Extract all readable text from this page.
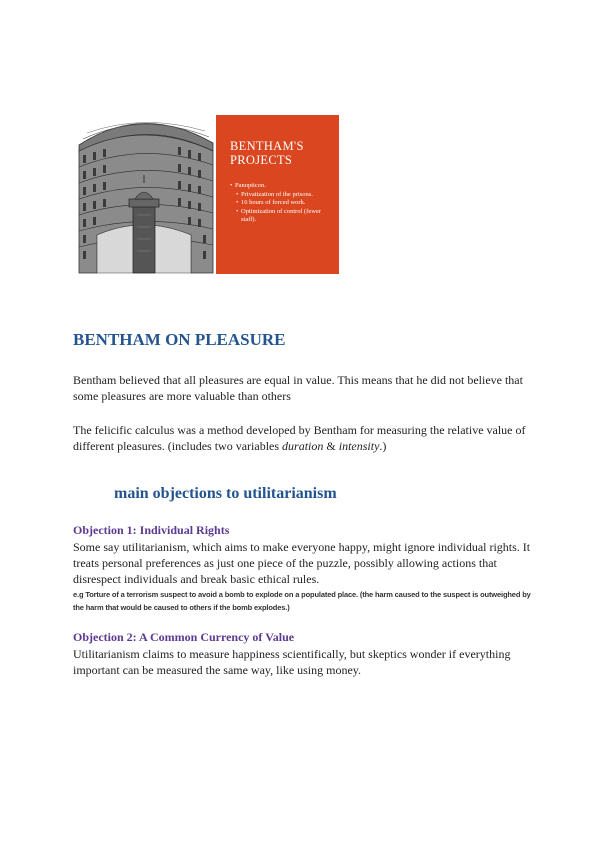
BENTHAM'S PROJECTS
• Panopticon.
• Privatization of the prisons.
• 16 hours of forced work.
• Optimization of control (fewer staff).
BENTHAM ON PLEASURE

Bentham believed that all pleasures are equal in value. This means that he did not believe that some pleasures are more valuable than others

The felicific calculus was a method developed by Bentham for measuring the relative value of different pleasures. (includes two variables duration & intensity.)

main objections to utilitarianism
Objection 1: Individual Rights

Some say utilitarianism, which aims to make everyone happy, might ignore individual rights. It treats personal preferences as just one piece of the puzzle, possibly allowing actions that disrespect individuals and break basic ethical rules.

e.g Torture of a terrorism suspect to avoid a bomb to explode on a populated place. (the harm caused to the suspect is outweighed by the harm that would be caused to others if the bomb explodes.)

Objection 2: A Common Currency of Value

Utilitarianism claims to measure happiness scientifically, but skeptics wonder if everything important can be measured the same way, like using money.
